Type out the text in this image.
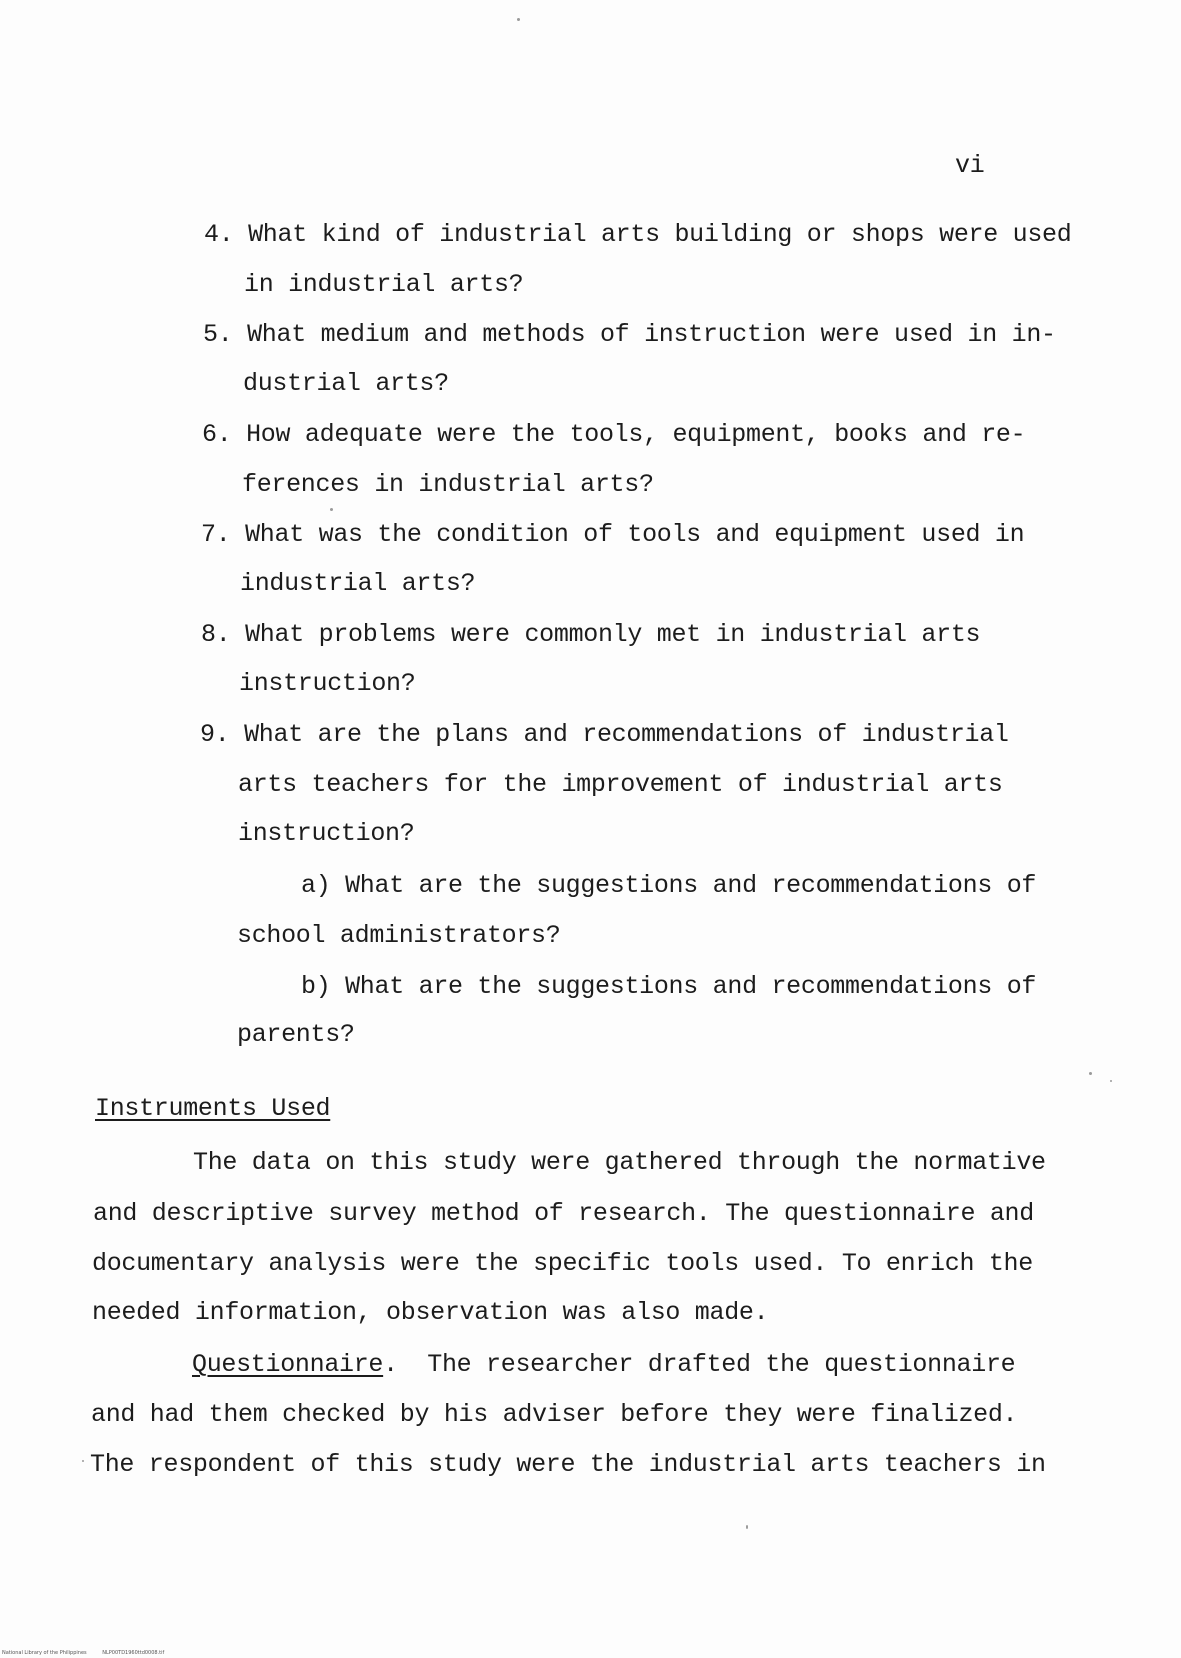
vi
4. What kind of industrial arts building or shops were used
in industrial arts?
5. What medium and methods of instruction were used in in-
dustrial arts?
6. How adequate were the tools, equipment, books and re-
ferences in industrial arts?
7. What was the condition of tools and equipment used in
industrial arts?
8. What problems were commonly met in industrial arts
instruction?
9. What are the plans and recommendations of industrial
arts teachers for the improvement of industrial arts
instruction?
a) What are the suggestions and recommendations of
school administrators?
b) What are the suggestions and recommendations of
parents?
Instruments Used
The data on this study were gathered through the normative
and descriptive survey method of research. The questionnaire and
documentary analysis were the specific tools used. To enrich the
needed information, observation was also made.
Questionnaire.  The researcher drafted the questionnaire
and had them checked by his adviser before they were finalized.
The respondent of this study were the industrial arts teachers in
National Library of the Philippines	NLP00TD1960ttd0008.tif
